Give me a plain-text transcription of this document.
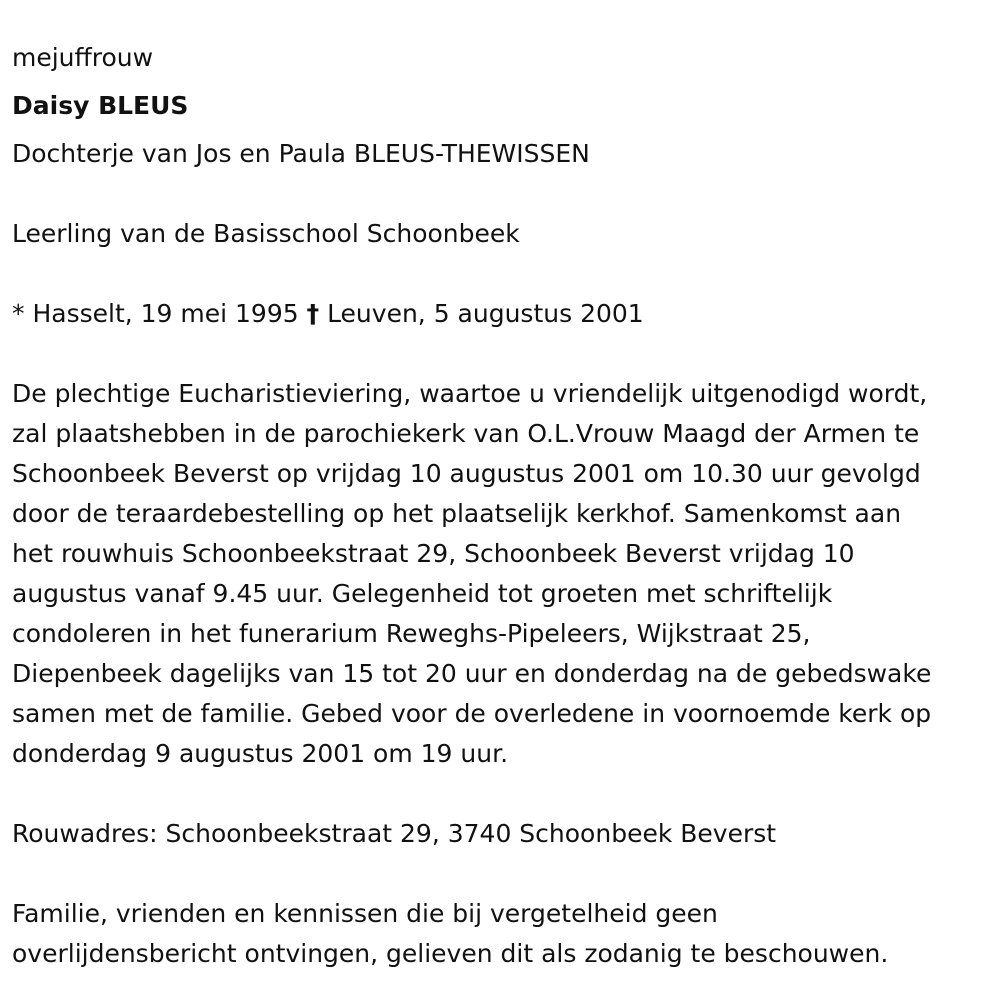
mejuffrouw

Daisy BLEUS

Dochterje van Jos en Paula BLEUS-THEWISSEN

Leerling van de Basisschool Schoonbeek

* Hasselt, 19 mei 1995 † Leuven, 5 augustus 2001

De plechtige Eucharistieviering, waartoe u vriendelijk uitgenodigd wordt,
zal plaatshebben in de parochiekerk van O.L.Vrouw Maagd der Armen te
Schoonbeek Beverst op vrijdag 10 augustus 2001 om 10.30 uur gevolgd
door de teraardebestelling op het plaatselijk kerkhof. Samenkomst aan
het rouwhuis Schoonbeekstraat 29, Schoonbeek Beverst vrijdag 10
augustus vanaf 9.45 uur. Gelegenheid tot groeten met schriftelijk
condoleren in het funerarium Reweghs-Pipeleers, Wijkstraat 25,
Diepenbeek dagelijks van 15 tot 20 uur en donderdag na de gebedswake
samen met de familie. Gebed voor de overledene in voornoemde kerk op
donderdag 9 augustus 2001 om 19 uur.

Rouwadres: Schoonbeekstraat 29, 3740 Schoonbeek Beverst

Familie, vrienden en kennissen die bij vergetelheid geen
overlijdensbericht ontvingen, gelieven dit als zodanig te beschouwen.
